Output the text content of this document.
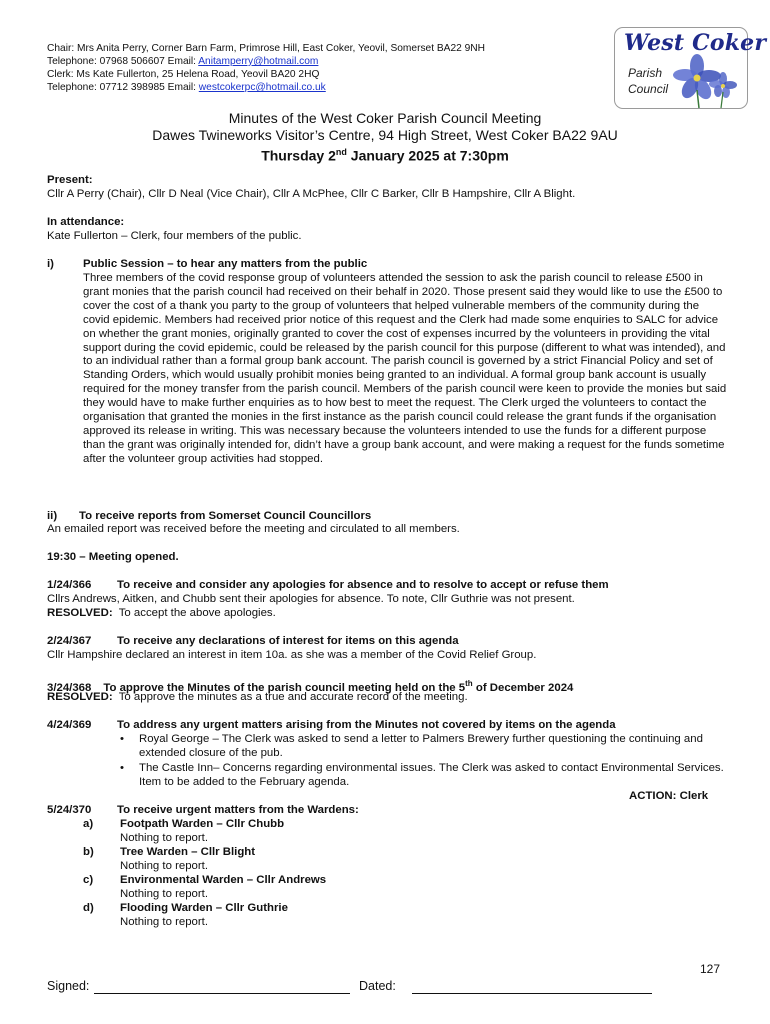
Chair: Mrs Anita Perry, Corner Barn Farm, Primrose Hill, East Coker, Yeovil, Somerset BA22 9NH
Telephone: 07968 506607 Email: Anitamperry@hotmail.com
Clerk: Ms Kate Fullerton, 25 Helena Road, Yeovil BA20 2HQ
Telephone: 07712 398985 Email: westcokerpc@hotmail.co.uk
West Coker
Parish
Council
Minutes of the West Coker Parish Council Meeting
Dawes Twineworks Visitor’s Centre, 94 High Street, West Coker BA22 9AU
Thursday 2nd January 2025 at 7:30pm
Present:
Cllr A Perry (Chair), Cllr D Neal (Vice Chair), Cllr A McPhee, Cllr C Barker, Cllr B Hampshire, Cllr A Blight.
In attendance:
Kate Fullerton – Clerk, four members of the public.
i)	Public Session – to hear any matters from the public
Three members of the covid response group of volunteers attended the session to ask the parish council to release £500 in grant monies that the parish council had received on their behalf in 2020. Those present said they would like to use the £500 to cover the cost of a thank you party to the group of volunteers that helped vulnerable members of the community during the covid epidemic. Members had received prior notice of this request and the Clerk had made some enquiries to SALC for advice on whether the grant monies, originally granted to cover the cost of expenses incurred by the volunteers in providing the vital support during the covid epidemic, could be released by the parish council for this purpose (different to what was intended), and to an individual rather than a formal group bank account. The parish council is governed by a strict Financial Policy and set of Standing Orders, which would usually prohibit monies being granted to an individual. A formal group bank account is usually required for the money transfer from the parish council. Members of the parish council were keen to provide the monies but said they would have to make further enquiries as to how best to meet the request. The Clerk urged the volunteers to contact the organisation that granted the monies in the first instance as the parish council could release the grant funds if the organisation approved its release in writing. This was necessary because the volunteers intended to use the funds for a different purpose than the grant was originally intended for, didn’t have a group bank account, and were making a request for the funds sometime after the volunteer group activities had stopped.
ii) To receive reports from Somerset Council Councillors
An emailed report was received before the meeting and circulated to all members.
19:30 – Meeting opened.
1/24/366 To receive and consider any apologies for absence and to resolve to accept or refuse them
Cllrs Andrews, Aitken, and Chubb sent their apologies for absence. To note, Cllr Guthrie was not present.
RESOLVED:  To accept the above apologies.
2/24/367 To receive any declarations of interest for items on this agenda
Cllr Hampshire declared an interest in item 10a. as she was a member of the Covid Relief Group.
3/24/368 To approve the Minutes of the parish council meeting held on the 5th of December 2024
RESOLVED:  To approve the minutes as a true and accurate record of the meeting.
4/24/369 To address any urgent matters arising from the Minutes not covered by items on the agenda
• Royal George – The Clerk was asked to send a letter to Palmers Brewery further questioning the continuing and extended closure of the pub.
• The Castle Inn– Concerns regarding environmental issues. The Clerk was asked to contact Environmental Services. Item to be added to the February agenda.
ACTION: Clerk
5/24/370 To receive urgent matters from the Wardens:
a) Footpath Warden – Cllr Chubb
Nothing to report.
b) Tree Warden – Cllr Blight
Nothing to report.
c) Environmental Warden – Cllr Andrews
Nothing to report.
d) Flooding Warden – Cllr Guthrie
Nothing to report.
127
Signed:	Dated:
